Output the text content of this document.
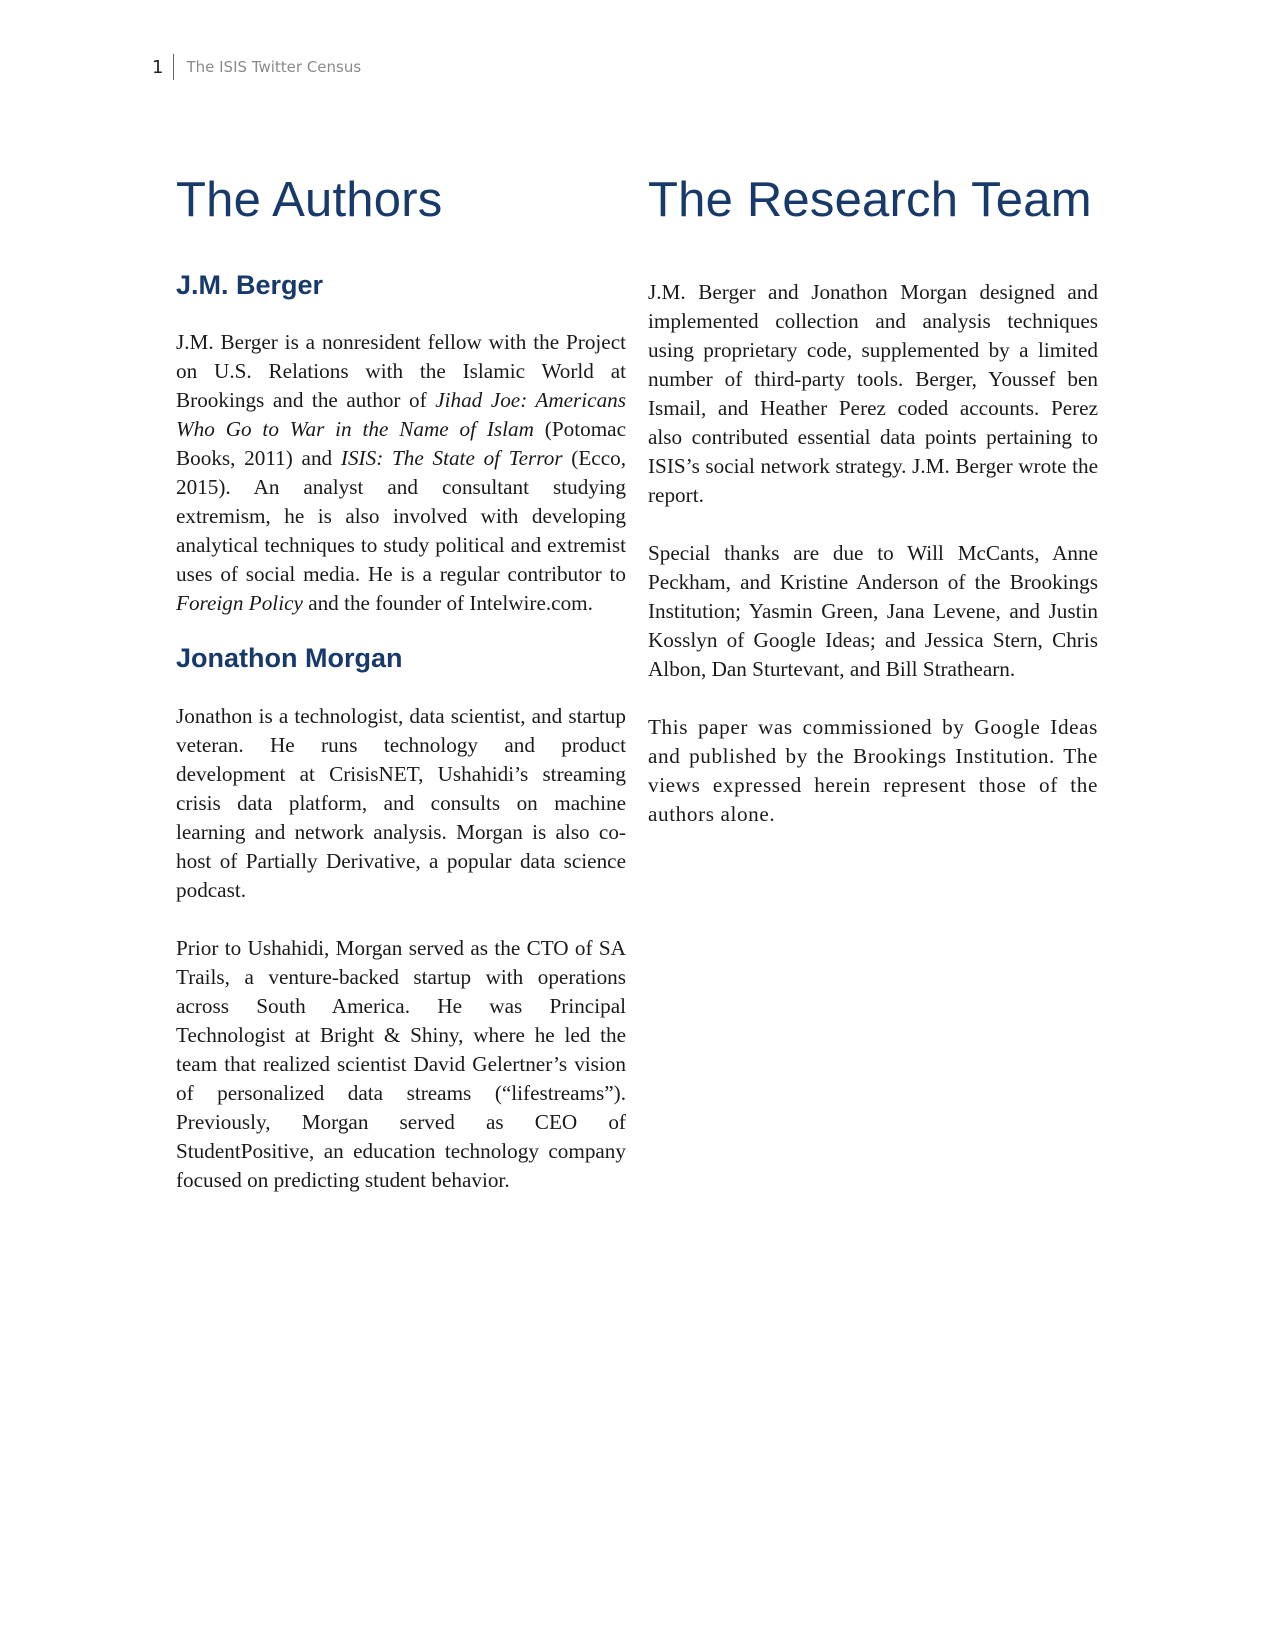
1 The ISIS Twitter Census
The Authors
J.M. Berger

J.M. Berger is a nonresident fellow with the Project on U.S. Relations with the Islamic World at Brookings and the author of Jihad Joe: Americans Who Go to War in the Name of Islam (Potomac Books, 2011) and ISIS: The State of Terror (Ecco, 2015). An analyst and consultant studying extremism, he is also involved with developing analytical techniques to study political and extremist uses of social media. He is a regular contributor to Foreign Policy and the founder of Intelwire.com.

Jonathon Morgan

Jonathon is a technologist, data scientist, and startup veteran. He runs technology and product development at CrisisNET, Ushahidi’s streaming crisis data platform, and consults on machine learning and network analysis. Morgan is also co-host of Partially Derivative, a popular data science podcast.

Prior to Ushahidi, Morgan served as the CTO of SA Trails, a venture-backed startup with operations across South America. He was Principal Technologist at Bright & Shiny, where he led the team that realized scientist David Gelertner’s vision of personalized data streams (“lifestreams”). Previously, Morgan served as CEO of StudentPositive, an education technology company focused on predicting student behavior.

The Research Team

J.M. Berger and Jonathon Morgan designed and implemented collection and analysis techniques using proprietary code, supplemented by a limited number of third-party tools. Berger, Youssef ben Ismail, and Heather Perez coded accounts. Perez also contributed essential data points pertaining to ISIS’s social network strategy. J.M. Berger wrote the report.

Special thanks are due to Will McCants, Anne Peckham, and Kristine Anderson of the Brookings Institution; Yasmin Green, Jana Levene, and Justin Kosslyn of Google Ideas; and Jessica Stern, Chris Albon, Dan Sturtevant, and Bill Strathearn.

This paper was commissioned by Google Ideas and published by the Brookings Institution. The views expressed herein represent those of the authors alone.
